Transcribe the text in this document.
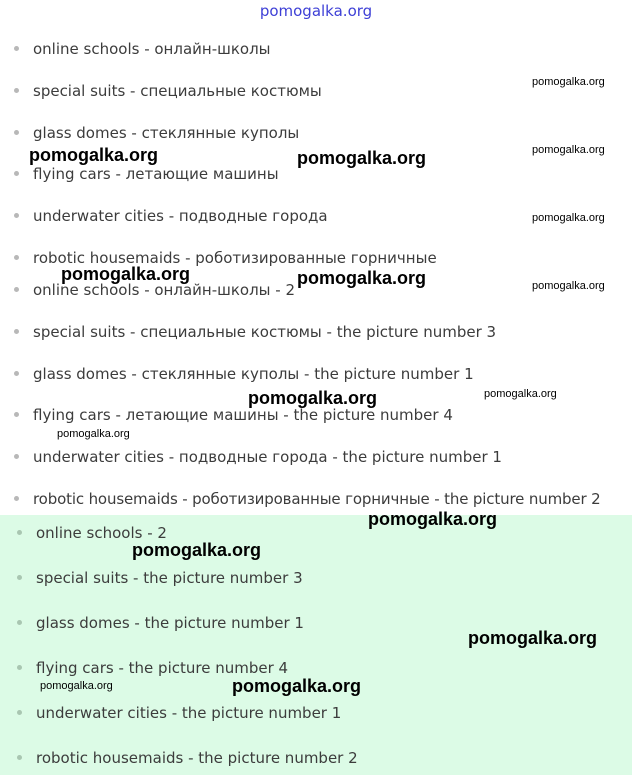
pomogalka.org
online schools - онлайн-школы
special suits - специальные костюмы
glass domes - стеклянные куполы
flying cars - летающие машины
underwater cities - подводные города
robotic housemaids - роботизированные горничные
online schools - онлайн-школы - 2
special suits - специальные костюмы - the picture number 3
glass domes - стеклянные куполы - the picture number 1
flying cars - летающие машины - the picture number 4
underwater cities - подводные города - the picture number 1
robotic housemaids - роботизированные горничные - the picture number 2
online schools - 2
special suits - the picture number 3
glass domes - the picture number 1
flying cars - the picture number 4
underwater cities - the picture number 1
robotic housemaids - the picture number 2
pomogalka.org
pomogalka.org
pomogalka.org
pomogalka.org
pomogalka.org
pomogalka.org
pomogalka.org
pomogalka.org	pomogalka.org
pomogalka.org	pomogalka.org
pomogalka.org
pomogalka.org
pomogalka.org
pomogalka.org
pomogalka.org
